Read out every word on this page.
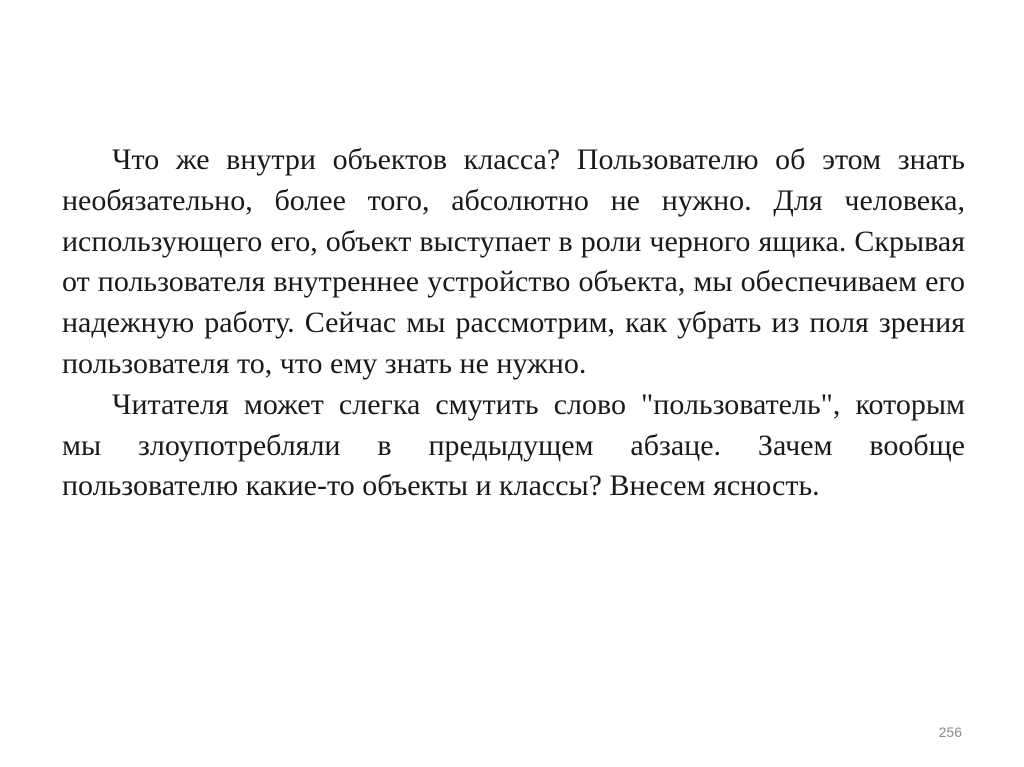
Что же внутри объектов класса? Пользователю об этом знать необязательно, более того, абсолютно не нужно. Для человека, использующего его, объект выступает в роли черного ящика. Скрывая от пользователя внутреннее устройство объекта, мы обеспечиваем его надежную работу. Сейчас мы рассмотрим, как убрать из поля зрения пользователя то, что ему знать не нужно.

Читателя может слегка смутить слово "пользователь", которым мы злоупотребляли в предыдущем абзаце. Зачем вообще пользователю какие-то объекты и классы? Внесем ясность.

256
